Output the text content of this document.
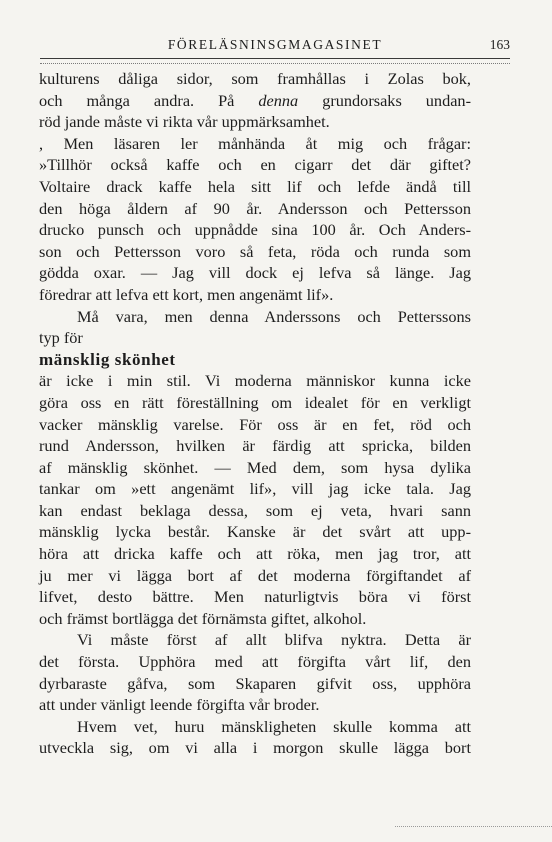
FÖRELÄSNINSGMAGASINET	163
kulturens dåliga sidor, som framhållas i Zolas bok,
och många andra. På denna grundorsaks undan-
röd jande måste vi rikta vår uppmärksamhet.
, Men läsaren ler månhända åt mig och frågar:
»Tillhör också kaffe och en cigarr det där giftet?
Voltaire drack kaffe hela sitt lif och lefde ändå till
den höga åldern af 90 år. Andersson och Pettersson
drucko punsch och uppnådde sina 100 år. Och Anders-
son och Pettersson voro så feta, röda och runda som
gödda oxar. — Jag vill dock ej lefva så länge. Jag
föredrar att lefva ett kort, men angenämt lif».
Må vara, men denna Anderssons och Petterssons
typ för
mänsklig skönhet
är icke i min stil. Vi moderna människor kunna icke
göra oss en rätt föreställning om idealet för en verkligt
vacker mänsklig varelse. För oss är en fet, röd och
rund Andersson, hvilken är färdig att spricka, bilden
af mänsklig skönhet. — Med dem, som hysa dylika
tankar om »ett angenämt lif», vill jag icke tala. Jag
kan endast beklaga dessa, som ej veta, hvari sann
mänsklig lycka består. Kanske är det svårt att upp-
höra att dricka kaffe och att röka, men jag tror, att
ju mer vi lägga bort af det moderna förgiftandet af
lifvet, desto bättre. Men naturligtvis böra vi först
och främst bortlägga det förnämsta giftet, alkohol.
Vi måste först af allt blifva nyktra. Detta är
det första. Upphöra med att förgifta vårt lif, den
dyrbaraste gåfva, som Skaparen gifvit oss, upphöra
att under vänligt leende förgifta vår broder.
Hvem vet, huru mänskligheten skulle komma att
utveckla sig, om vi alla i morgon skulle lägga bort
